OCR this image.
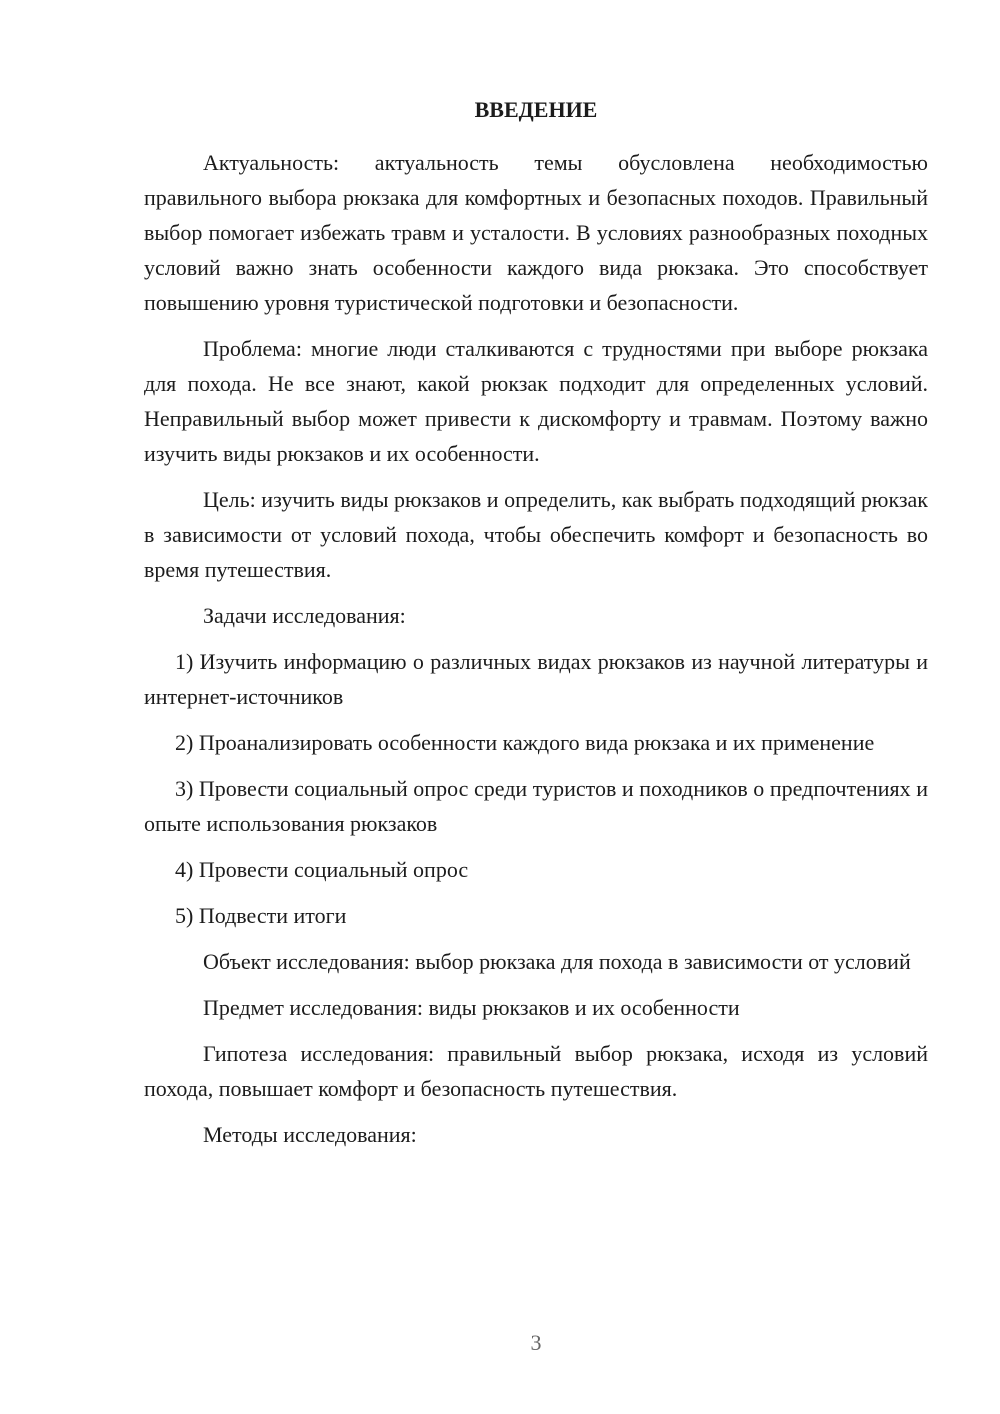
ВВЕДЕНИЕ

Актуальность: актуальность темы обусловлена необходимостью правильного выбора рюкзака для комфортных и безопасных походов. Правильный выбор помогает избежать травм и усталости. В условиях разнообразных походных условий важно знать особенности каждого вида рюкзака. Это способствует повышению уровня туристической подготовки и безопасности.

Проблема: многие люди сталкиваются с трудностями при выборе рюкзака для похода. Не все знают, какой рюкзак подходит для определенных условий. Неправильный выбор может привести к дискомфорту и травмам. Поэтому важно изучить виды рюкзаков и их особенности.

Цель: изучить виды рюкзаков и определить, как выбрать подходящий рюкзак в зависимости от условий похода, чтобы обеспечить комфорт и безопасность во время путешествия.

Задачи исследования:

1) Изучить информацию о различных видах рюкзаков из научной литературы и интернет-источников

2) Проанализировать особенности каждого вида рюкзака и их применение

3) Провести социальный опрос среди туристов и походников о предпочтениях и опыте использования рюкзаков

4) Провести социальный опрос

5) Подвести итоги

Объект исследования: выбор рюкзака для похода в зависимости от условий

Предмет исследования: виды рюкзаков и их особенности

Гипотеза исследования: правильный выбор рюкзака, исходя из условий похода, повышает комфорт и безопасность путешествия.

Методы исследования:

3
